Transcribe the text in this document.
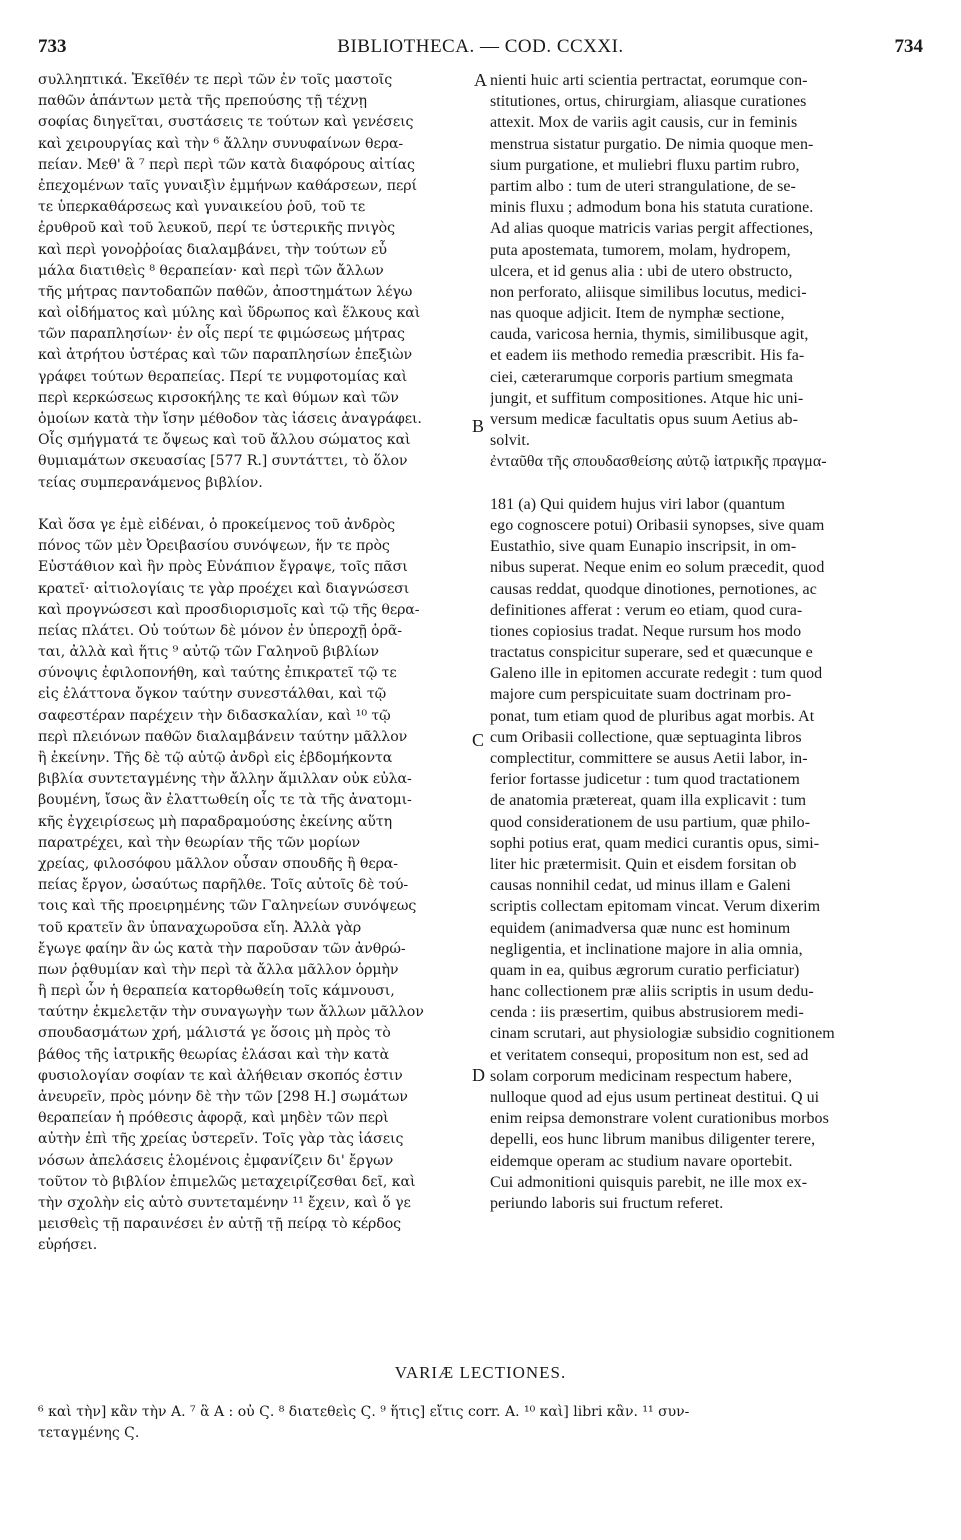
733	BIBLIOTHECA. — COD. CCXXI.	734
συλληπτικά. Ἐκεῖθέν τε περὶ τῶν ἐν τοῖς μαστοῖς
παθῶν ἁπάντων μετὰ τῆς πρεπούσης τῇ τέχνῃ
σοφίας διηγεῖται, συστάσεις τε τούτων καὶ γενέσεις
καὶ χειρουργίας καὶ τὴν ⁶ ἄλλην συνυφαίνων θερα-
πείαν. Μεθ' ἃ ⁷ περὶ περὶ τῶν κατὰ διαφόρους αἰτίας
ἐπεχομένων ταῖς γυναιξὶν ἐμμήνων καθάρσεων, περί
τε ὑπερκαθάρσεως καὶ γυναικείου ῥοῦ, τοῦ τε
ἐρυθροῦ καὶ τοῦ λευκοῦ, περί τε ὑστερικῆς πνιγὸς
καὶ περὶ γονοῤῥοίας διαλαμβάνει, τὴν τούτων εὖ
μάλα διατιθεὶς ⁸ θεραπείαν· καὶ περὶ τῶν ἄλλων
τῆς μήτρας παντοδαπῶν παθῶν, ἀποστημάτων λέγω
καὶ οἰδήματος καὶ μύλης καὶ ὕδρωπος καὶ ἕλκους καὶ
τῶν παραπλησίων· ἐν οἷς περί τε φιμώσεως μήτρας
καὶ ἀτρήτου ὑστέρας καὶ τῶν παραπλησίων ἐπεξιὼν
γράφει τούτων θεραπείας. Περί τε νυμφοτομίας καὶ
περὶ κερκώσεως κιρσοκήλης τε καὶ θύμων καὶ τῶν
ὁμοίων κατὰ τὴν ἴσην μέθοδον τὰς ἰάσεις ἀναγράφει.
Οἷς σμήγματά τε ὄψεως καὶ τοῦ ἄλλου σώματος καὶ
θυμιαμάτων σκευασίας [577 R.] συντάττει, τὸ ὅλον
τείας συμπερανάμενος βιβλίον.
Καὶ ὅσα γε ἐμὲ εἰδέναι, ὁ προκείμενος τοῦ ἀνδρὸς
πόνος τῶν μὲν Ὀρειβασίου συνόψεων, ἥν τε πρὸς
Εὐστάθιον καὶ ἣν πρὸς Εὐνάπιον ἔγραψε, τοῖς πᾶσι
κρατεῖ· αἰτιολογίαις τε γὰρ προέχει καὶ διαγνώσεσι
καὶ προγνώσεσι καὶ προσδιορισμοῖς καὶ τῷ τῆς θερα-
πείας πλάτει. Οὐ τούτων δὲ μόνον ἐν ὑπεροχῇ ὁρᾶ-
ται, ἀλλὰ καὶ ἥτις ⁹ αὐτῷ τῶν Γαληνοῦ βιβλίων
σύνοψις ἐφιλοπονήθη, καὶ ταύτης ἐπικρατεῖ τῷ τε
εἰς ἐλάττονα ὄγκον ταύτην συνεστάλθαι, καὶ τῷ
σαφεστέραν παρέχειν τὴν διδασκαλίαν, καὶ ¹⁰ τῷ
περὶ πλειόνων παθῶν διαλαμβάνειν ταύτην μᾶλλον
ἢ ἐκείνην. Τῆς δὲ τῷ αὐτῷ ἀνδρὶ εἰς ἑβδομήκοντα
βιβλία συντεταγμένης τὴν ἄλλην ἅμιλλαν οὐκ εὐλα-
βουμένη, ἴσως ἂν ἐλαττωθείη οἷς τε τὰ τῆς ἀνατομι-
κῆς ἐγχειρίσεως μὴ παραδραμούσης ἐκείνης αὕτη
παρατρέχει, καὶ τὴν θεωρίαν τῆς τῶν μορίων
χρείας, φιλοσόφου μᾶλλον οὖσαν σπουδῆς ἢ θερα-
πείας ἔργον, ὡσαύτως παρῆλθε. Τοῖς αὐτοῖς δὲ τού-
τοις καὶ τῆς προειρημένης τῶν Γαληνείων συνόψεως
τοῦ κρατεῖν ἂν ὑπαναχωροῦσα εἴη. Ἀλλὰ γὰρ
ἔγωγε φαίην ἂν ὡς κατὰ τὴν παροῦσαν τῶν ἀνθρώ-
πων ῥᾳθυμίαν καὶ τὴν περὶ τὰ ἄλλα μᾶλλον ὁρμὴν
ἢ περὶ ὧν ἡ θεραπεία κατορθωθείη τοῖς κάμνουσι,
ταύτην ἐκμελετᾷν τὴν συναγωγὴν των ἄλλων μᾶλλον
σπουδασμάτων χρή, μάλιστά γε ὅσοις μὴ πρὸς τὸ
βάθος τῆς ἰατρικῆς θεωρίας ἐλάσαι καὶ τὴν κατὰ
φυσιολογίαν σοφίαν τε καὶ ἀλήθειαν σκοπός ἐστιν
ἀνευρεῖν, πρὸς μόνην δὲ τὴν τῶν [298 H.] σωμάτων
θεραπείαν ἡ πρόθεσις ἀφορᾷ, καὶ μηδὲν τῶν περὶ
αὐτὴν ἐπὶ τῆς χρείας ὑστερεῖν. Τοῖς γὰρ τὰς ἰάσεις
νόσων ἀπελάσεις ἑλομένοις ἐμφανίζειν δι' ἔργων
τοῦτον τὸ βιβλίον ἐπιμελῶς μεταχειρίζεσθαι δεῖ, καὶ
τὴν σχολὴν εἰς αὐτὸ συντεταμένην ¹¹ ἔχειν, καὶ ὅ γε
μεισθεὶς τῇ παραινέσει ἐν αὐτῇ τῇ πείρᾳ τὸ κέρδος
εὑρήσει.
nienti huic arti scientia pertractat, eorumque con-
stitutiones, ortus, chirurgiam, aliasque curationes
attexit. Mox de variis agit causis, cur in feminis
menstrua sistatur purgatio. De nimia quoque men-
sium purgatione, et muliebri fluxu partim rubro,
partim albo : tum de uteri strangulatione, de se-
minis fluxu ; admodum bona his statuta curatione.
Ad alias quoque matricis varias pergit affectiones,
puta apostemata, tumorem, molam, hydropem,
ulcera, et id genus alia : ubi de utero obstructo,
non perforato, aliisque similibus locutus, medici-
nas quoque adjicit. Item de nymphæ sectione,
cauda, varicosa hernia, thymis, similibusque agit,
et eadem iis methodo remedia præscribit. His fa-
ciei, cæterarumque corporis partium smegmata
jungit, et suffitum compositiones. Atque hic uni-
versum medicæ facultatis opus suum Aetius ab-
solvit.
ἐνταῦθα τῆς σπουδασθείσης αὐτῷ ἰατρικῆς πραγμα-
181 (a) Qui quidem hujus viri labor (quantum
ego cognoscere potui) Oribasii synopses, sive quam
Eustathio, sive quam Eunapio inscripsit, in om-
nibus superat. Neque enim eo solum præcedit, quod
causas reddat, quodque dinotiones, pernotiones, ac
definitiones afferat : verum eo etiam, quod cura-
tiones copiosius tradat. Neque rursum hos modo
tractatus conspicitur superare, sed et quæcunque e
Galeno ille in epitomen accurate redegit : tum quod
majore cum perspicuitate suam doctrinam pro-
ponat, tum etiam quod de pluribus agat morbis. At
cum Oribasii collectione, quæ septuaginta libros
complectitur, committere se ausus Aetii labor, in-
ferior fortasse judicetur : tum quod tractationem
de anatomia prætereat, quam illa explicavit : tum
quod considerationem de usu partium, quæ philo-
sophi potius erat, quam medici curantis opus, simi-
liter hic prætermisit. Quin et eisdem forsitan ob
causas nonnihil cedat, ud minus illam e Galeni
scriptis collectam epitomam vincat. Verum dixerim
equidem (animadversa quæ nunc est hominum
negligentia, et inclinatione majore in alia omnia,
quam in ea, quibus ægrorum curatio perficiatur)
hanc collectionem præ aliis scriptis in usum dedu-
cenda : iis præsertim, quibus abstrusiorem medi-
cinam scrutari, aut physiologiæ subsidio cognitionem
et veritatem consequi, propositum non est, sed ad
solam corporum medicinam respectum habere,
nulloque quod ad ejus usum pertineat destitui. Q ui
enim reipsa demonstrare volent curationibus morbos
depelli, eos hunc librum manibus diligenter terere,
eidemque operam ac studium navare oportebit.
Cui admonitioni quisquis parebit, ne ille mox ex-
periundo laboris sui fructum referet.
A
B
C
D
VARIÆ LECTIONES.
⁶ καὶ τὴν] κἂν τὴν A. ⁷ ἃ A : οὐ Ϛ. ⁸ διατεθεὶς Ϛ. ⁹ ἥτις] εἴτις corr. A. ¹⁰ καὶ] libri κἂν. ¹¹ συν-
τεταγμένης Ϛ.
